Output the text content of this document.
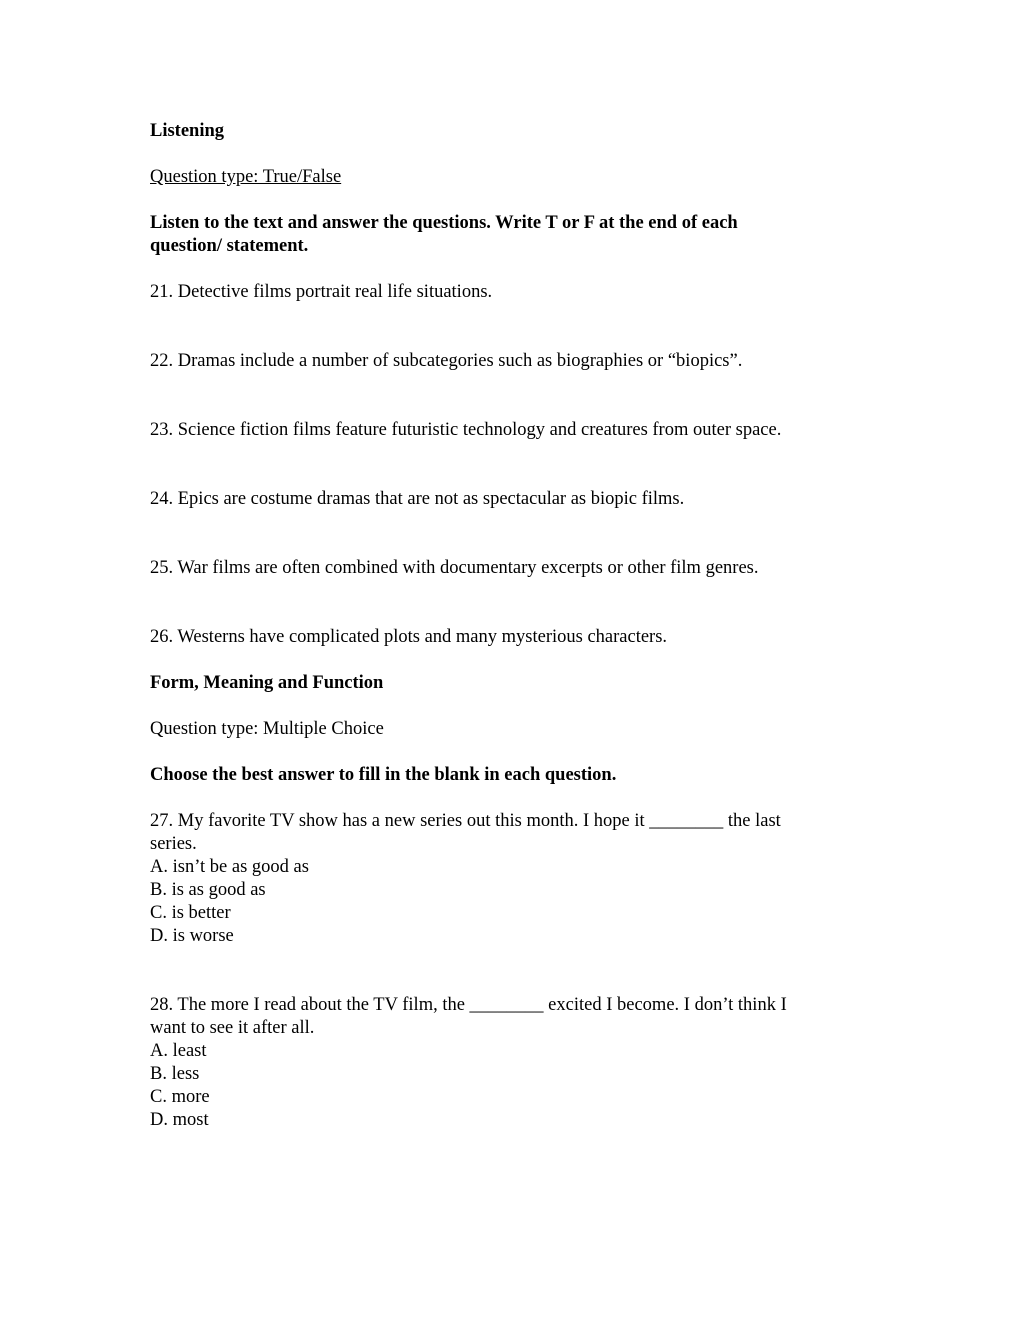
Listening
Question type: True/False
Listen to the text and answer the questions. Write T or F at the end of each
question/ statement.
21. Detective films portrait real life situations.
22. Dramas include a number of subcategories such as biographies or “biopics”.
23. Science fiction films feature futuristic technology and creatures from outer space.
24. Epics are costume dramas that are not as spectacular as biopic films.
25. War films are often combined with documentary excerpts or other film genres.
26. Westerns have complicated plots and many mysterious characters.
Form, Meaning and Function
Question type: Multiple Choice
Choose the best answer to fill in the blank in each question.
27. My favorite TV show has a new series out this month. I hope it ________ the last
series.
A. isn’t be as good as
B. is as good as
C. is better
D. is worse
28. The more I read about the TV film, the ________ excited I become. I don’t think I
want to see it after all.
A. least
B. less
C. more
D. most
